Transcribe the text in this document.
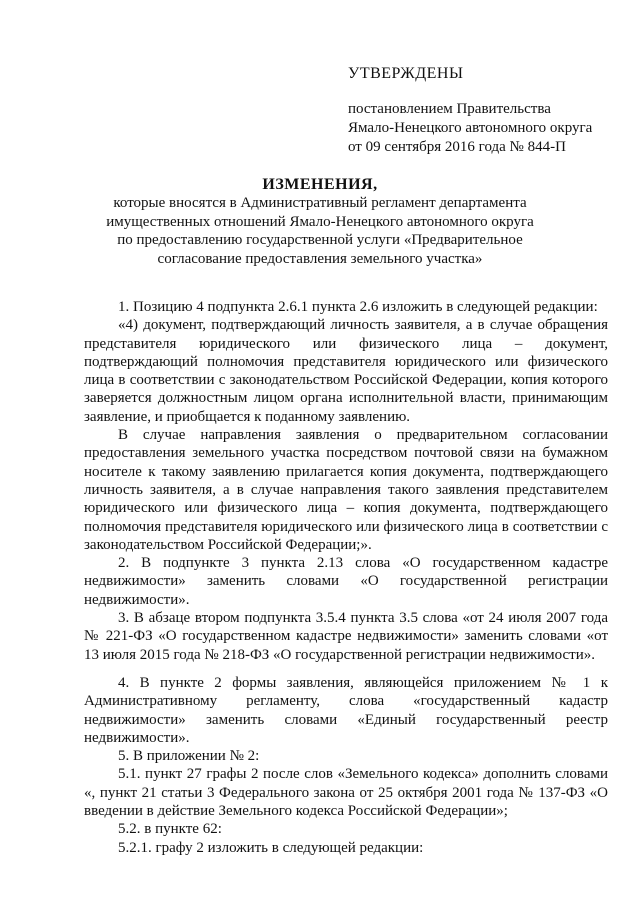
УТВЕРЖДЕНЫ
постановлением Правительства
Ямало-Ненецкого автономного округа
от 09 сентября 2016 года № 844-П
ИЗМЕНЕНИЯ,
которые вносятся в Административный регламент департамента
имущественных отношений Ямало-Ненецкого автономного округа
по предоставлению государственной услуги «Предварительное
согласование предоставления земельного участка»

1. Позицию 4 подпункта 2.6.1 пункта 2.6 изложить в следующей редакции:

«4) документ, подтверждающий личность заявителя, а в случае обращения представителя юридического или физического лица – документ, подтверждающий полномочия представителя юридического или физического лица в соответствии с законодательством Российской Федерации, копия которого заверяется должностным лицом органа исполнительной власти, принимающим заявление, и приобщается к поданному заявлению.

В случае направления заявления о предварительном согласовании предоставления земельного участка посредством почтовой связи на бумажном носителе к такому заявлению прилагается копия документа, подтверждающего личность заявителя, а в случае направления такого заявления представителем юридического или физического лица – копия документа, подтверждающего полномочия представителя юридического или физического лица в соответствии с законодательством Российской Федерации;».

2. В подпункте 3 пункта 2.13 слова «О государственном кадастре недвижимости» заменить словами «О государственной регистрации недвижимости».

3. В абзаце втором подпункта 3.5.4 пункта 3.5 слова «от 24 июля 2007 года № 221-ФЗ «О государственном кадастре недвижимости» заменить словами «от 13 июля 2015 года № 218-ФЗ «О государственной регистрации недвижимости».

4. В пункте 2 формы заявления, являющейся приложением № 1 к Административному регламенту, слова «государственный кадастр недвижимости» заменить словами «Единый государственный реестр недвижимости».

5. В приложении № 2:

5.1. пункт 27 графы 2 после слов «Земельного кодекса» дополнить словами «, пункт 21 статьи 3 Федерального закона от 25 октября 2001 года № 137-ФЗ «О введении в действие Земельного кодекса Российской Федерации»;

5.2. в пункте 62:

5.2.1. графу 2 изложить в следующей редакции:
